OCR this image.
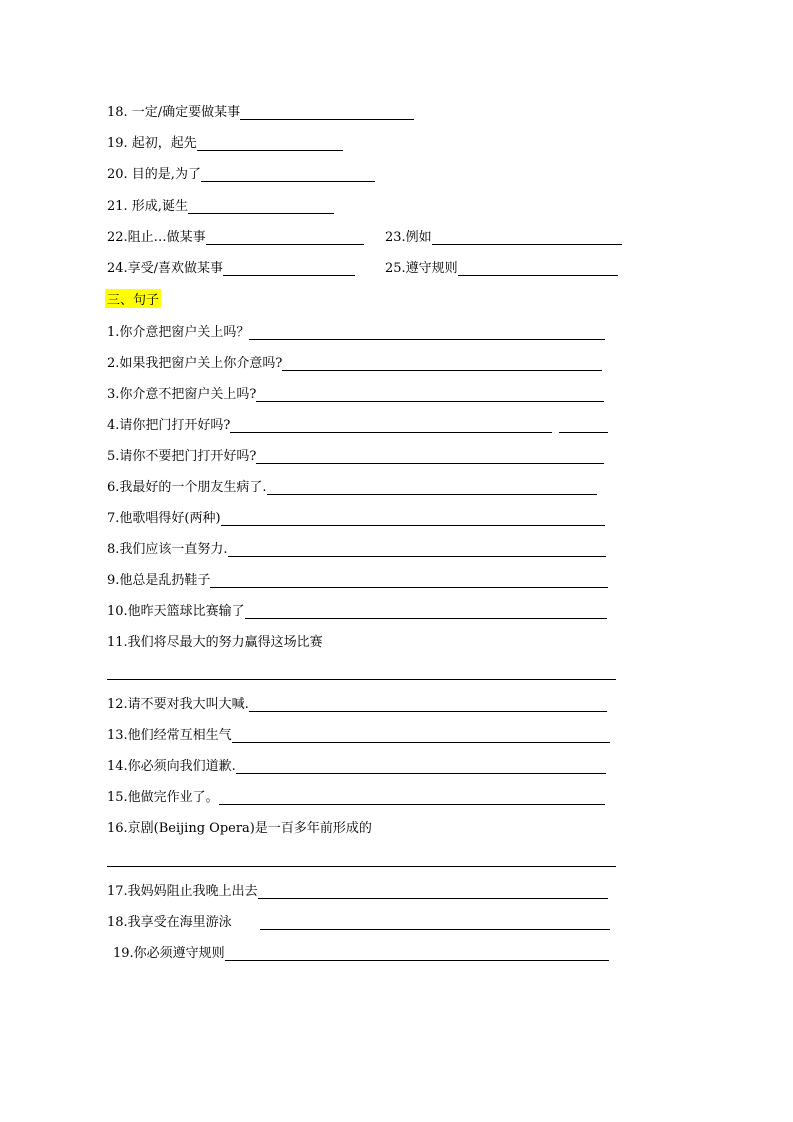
18. 一定/确定要做某事
19. 起初，起先
20. 目的是,为了
21. 形成,诞生
22.阻止…做某事	23.例如
24.享受/喜欢做某事	25.遵守规则
三、句子
1.你介意把窗户关上吗？
2.如果我把窗户关上你介意吗?
3.你介意不把窗户关上吗?
4.请你把门打开好吗?
5.请你不要把门打开好吗?
6.我最好的一个朋友生病了.
7.他歌唱得好(两种)
8.我们应该一直努力.
9.他总是乱扔鞋子
10.他昨天篮球比赛输了
11.我们将尽最大的努力赢得这场比赛
12.请不要对我大叫大喊.
13.他们经常互相生气
14.你必须向我们道歉.
15.他做完作业了。
16.京剧(Beijing Opera)是一百多年前形成的
17.我妈妈阻止我晚上出去
18.我享受在海里游泳
19.你必须遵守规则
